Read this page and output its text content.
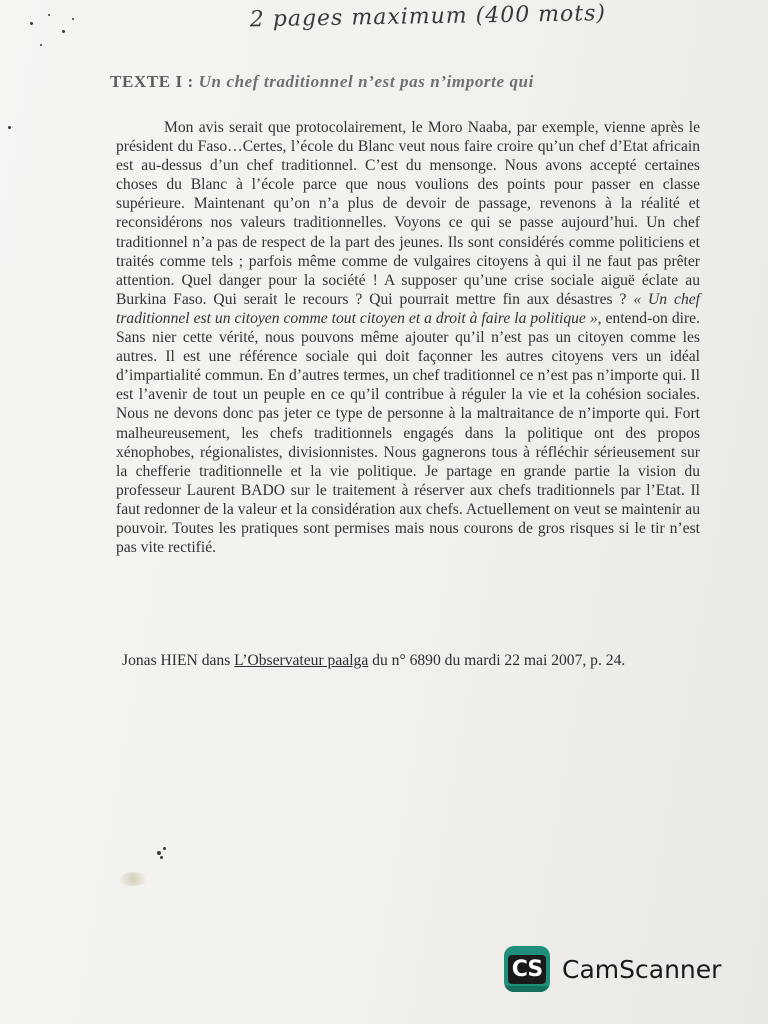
2 pages maximum (400 mots)
TEXTE I : Un chef traditionnel n’est pas n’importe qui
Mon avis serait que protocolairement, le Moro Naaba, par exemple, vienne après le président du Faso…Certes, l’école du Blanc veut nous faire croire qu’un chef d’Etat africain est au-dessus d’un chef traditionnel. C’est du mensonge. Nous avons accepté certaines choses du Blanc à l’école parce que nous voulions des points pour passer en classe supérieure. Maintenant qu’on n’a plus de devoir de passage, revenons à la réalité et reconsidérons nos valeurs traditionnelles. Voyons ce qui se passe aujourd’hui. Un chef traditionnel n’a pas de respect de la part des jeunes. Ils sont considérés comme politiciens et traités comme tels ; parfois même comme de vulgaires citoyens à qui il ne faut pas prêter attention. Quel danger pour la société ! A supposer qu’une crise sociale aiguë éclate au Burkina Faso. Qui serait le recours ? Qui pourrait mettre fin aux désastres ? « Un chef traditionnel est un citoyen comme tout citoyen et a droit à faire la politique », entend-on dire. Sans nier cette vérité, nous pouvons même ajouter qu’il n’est pas un citoyen comme les autres. Il est une référence sociale qui doit façonner les autres citoyens vers un idéal d’impartialité commun. En d’autres termes, un chef traditionnel ce n’est pas n’importe qui. Il est l’avenir de tout un peuple en ce qu’il contribue à réguler la vie et la cohésion sociales. Nous ne devons donc pas jeter ce type de personne à la maltraitance de n’importe qui. Fort malheureusement, les chefs traditionnels engagés dans la politique ont des propos xénophobes, régionalistes, divisionnistes. Nous gagnerons tous à réfléchir sérieusement sur la chefferie traditionnelle et la vie politique. Je partage en grande partie la vision du professeur Laurent BADO sur le traitement à réserver aux chefs traditionnels par l’Etat. Il faut redonner de la valeur et la considération aux chefs. Actuellement on veut se maintenir au pouvoir. Toutes les pratiques sont permises mais nous courons de gros risques si le tir n’est pas vite rectifié.
Jonas HIEN dans L’Observateur paalga du n° 6890 du mardi 22 mai 2007, p. 24.
CS CamScanner
